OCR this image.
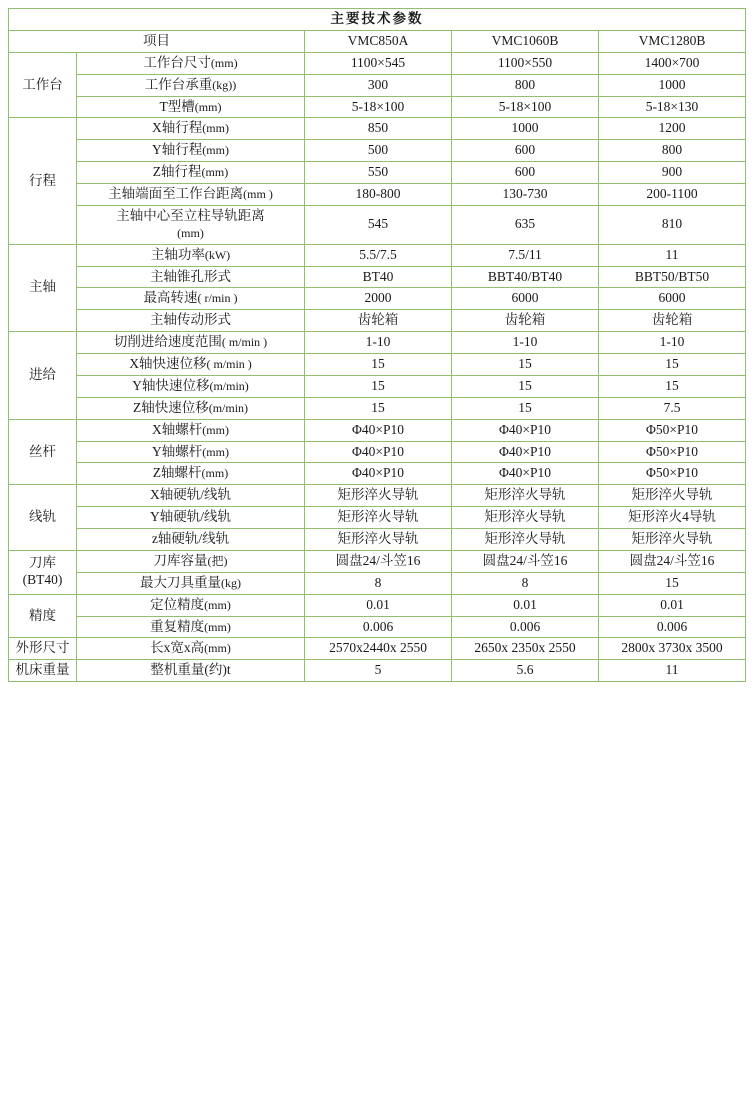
主要技术参数				
项目		VMC850A	VMC1060B	VMC1280B
工作台	工作台尺寸(mm)	1100×545	1100×550	1400×700
	工作台承重(kg))	300	800	1000
	T型槽(mm)	5-18×100	5-18×100	5-18×130
行程	X轴行程(mm)	850	1000	1200
	Y轴行程(mm)	500	600	800
	Z轴行程(mm)	550	600	900
	主轴端面至工作台距离(mm )	180-800	130-730	200-1100
	主轴中心至立柱导轨距离
(mm)	545	635	810
主轴	主轴功率(kW)	5.5/7.5	7.5/11	11
	主轴锥孔形式	BT40	BBT40/BT40	BBT50/BT50
	最高转速( r/min )	2000	6000	6000
	主轴传动形式	齿轮箱	齿轮箱	齿轮箱
进给	切削进给速度范围( m/min )	1-10	1-10	1-10
	X轴快速位移( m/min )	15	15	15
	Y轴快速位移(m/min)	15	15	15
	Z轴快速位移(m/min)	15	15	7.5
丝杆	X轴螺杆(mm)	Φ40×P10	Φ40×P10	Φ50×P10
	Y轴螺杆(mm)	Φ40×P10	Φ40×P10	Φ50×P10
	Z轴螺杆(mm)	Φ40×P10	Φ40×P10	Φ50×P10
线轨	X轴硬轨/线轨	矩形淬火导轨	矩形淬火导轨	矩形淬火导轨
	Y轴硬轨/线轨	矩形淬火导轨	矩形淬火导轨	矩形淬火4导轨
	z轴硬轨/线轨	矩形淬火导轨	矩形淬火导轨	矩形淬火导轨
刀库
(BT40)	刀库容量(把)	圆盘24/斗笠16	圆盘24/斗笠16	圆盘24/斗笠16
	最大刀具重量(kg)	8	8	15
精度	定位精度(mm)	0.01	0.01	0.01
	重复精度(mm)	0.006	0.006	0.006
外形尺寸	长x宽x高(mm)	2570x2440x 2550	2650x 2350x 2550	2800x 3730x 3500
机床重量	整机重量(约)t	5	5.6	11
